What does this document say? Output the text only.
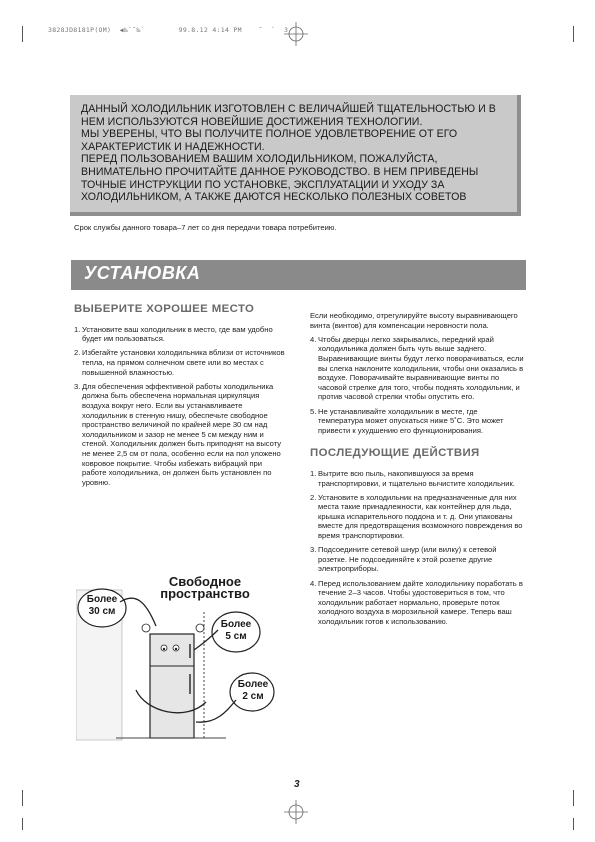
3828JD8181P(OM)  ◀‰`˜‰`        99.8.12 4:14 PM    ˘  `  3

ДАННЫЙ ХОЛОДИЛЬНИК ИЗГОТОВЛЕН С ВЕЛИЧАЙШЕЙ ТЩАТЕЛЬНОСТЬЮ И В

НЕМ ИСПОЛЬЗУЮТСЯ НОВЕЙШИЕ ДОСТИЖЕНИЯ ТЕХНОЛОГИИ.

МЫ УВЕРЕНЫ, ЧТО ВЫ ПОЛУЧИТЕ ПОЛНОЕ УДОВЛЕТВОРЕНИЕ ОТ ЕГО

ХАРАКТЕРИСТИК И НАДЕЖНОСТИ.

ПЕРЕД ПОЛЬЗОВАНИЕМ ВАШИМ ХОЛОДИЛЬНИКОМ, ПОЖАЛУЙСТА,

ВНИМАТЕЛЬНО ПРОЧИТАЙТЕ ДАННОЕ РУКОВОДСТВО. В НЕМ ПРИВЕДЕНЫ

ТОЧНЫЕ ИНСТРУКЦИИ ПО УСТАНОВКЕ, ЭКСПЛУАТАЦИИ И УХОДУ ЗА

ХОЛОДИЛЬНИКОМ, А ТАКЖЕ ДАЮТСЯ НЕСКОЛЬКО ПОЛЕЗНЫХ СОВЕТОВ

Срок службы данного товара–7 лет со дня передачи товара потребитеию.
УСТАНОВКА
ВЫБЕРИТЕ ХОРОШЕЕ МЕСТО
1. Установите ваш холодильник в место, где вам удобно будет им пользоваться.
2. Избегайте установки холодильника вблизи от источников тепла, на прямом солнечном свете или во местах с повышенной влажностью.
3. Для обеспечения эффективной работы холодильника должна быть обеспечена нормальная циркуляция воздуха вокруг него. Если вы устанавливаете холодильник в стенную нишу, обеспечьте свободное пространство величиной по крайней мере 30 см над холодильником и зазор не менее 5 см между ним и стеной. Холодильник должен быть приподнят на высоту не менее 2,5 см от пола, особенно если на пол уложено ковровое покрытие. Чтобы избежать вибраций при работе холодильника, он должен быть установлен по уровню.

Если необходимо, отрегулируйте высоту выравнивающего винта (винтов) для компенсации неровности пола.

4. Чтобы дверцы легко закрывались, передний край холодильника должен быть чуть выше заднего. Выравнивающие винты будут легко поворачиваться, если вы слегка наклоните холодильник, чтобы они оказались в воздухе. Поворачивайте выравнивающие винты по часовой стрелке для того, чтобы поднять холодильник, и против часовой стрелки чтобы опустить его.
5. Не устанавливайте холодильник в месте, где температура может опускаться ниже 5˚С. Это может привести к ухудшению его функционирования.
ПОСЛЕДУЮЩИЕ ДЕЙСТВИЯ
1. Вытрите всю пыль, накопившуюся за время транспортировки, и тщательно вычистите холодильник.
2. Установите в холодильник на предназначенные для них места такие принадлежности, как контейнер для льда, крышка испарительного поддона и т. д. Они упакованы вместе для предотвращения возможного повреждения во время транспортировки.
3. Подсоедините сетевой шнур (или вилку) к сетевой розетке. Не подсоединяйте к этой розетке другие электроприборы.
4. Перед использованием дайте холодильнику поработать в течение 2–3 часов. Чтобы удостовериться в том, что холодильник работает нормально, проверьте поток холодного воздуха в морозильной камере. Теперь ваш холодильник готов к использованию.
Свободное
пространство
Более
30 см
Более
5 см
Более
2 см
3
